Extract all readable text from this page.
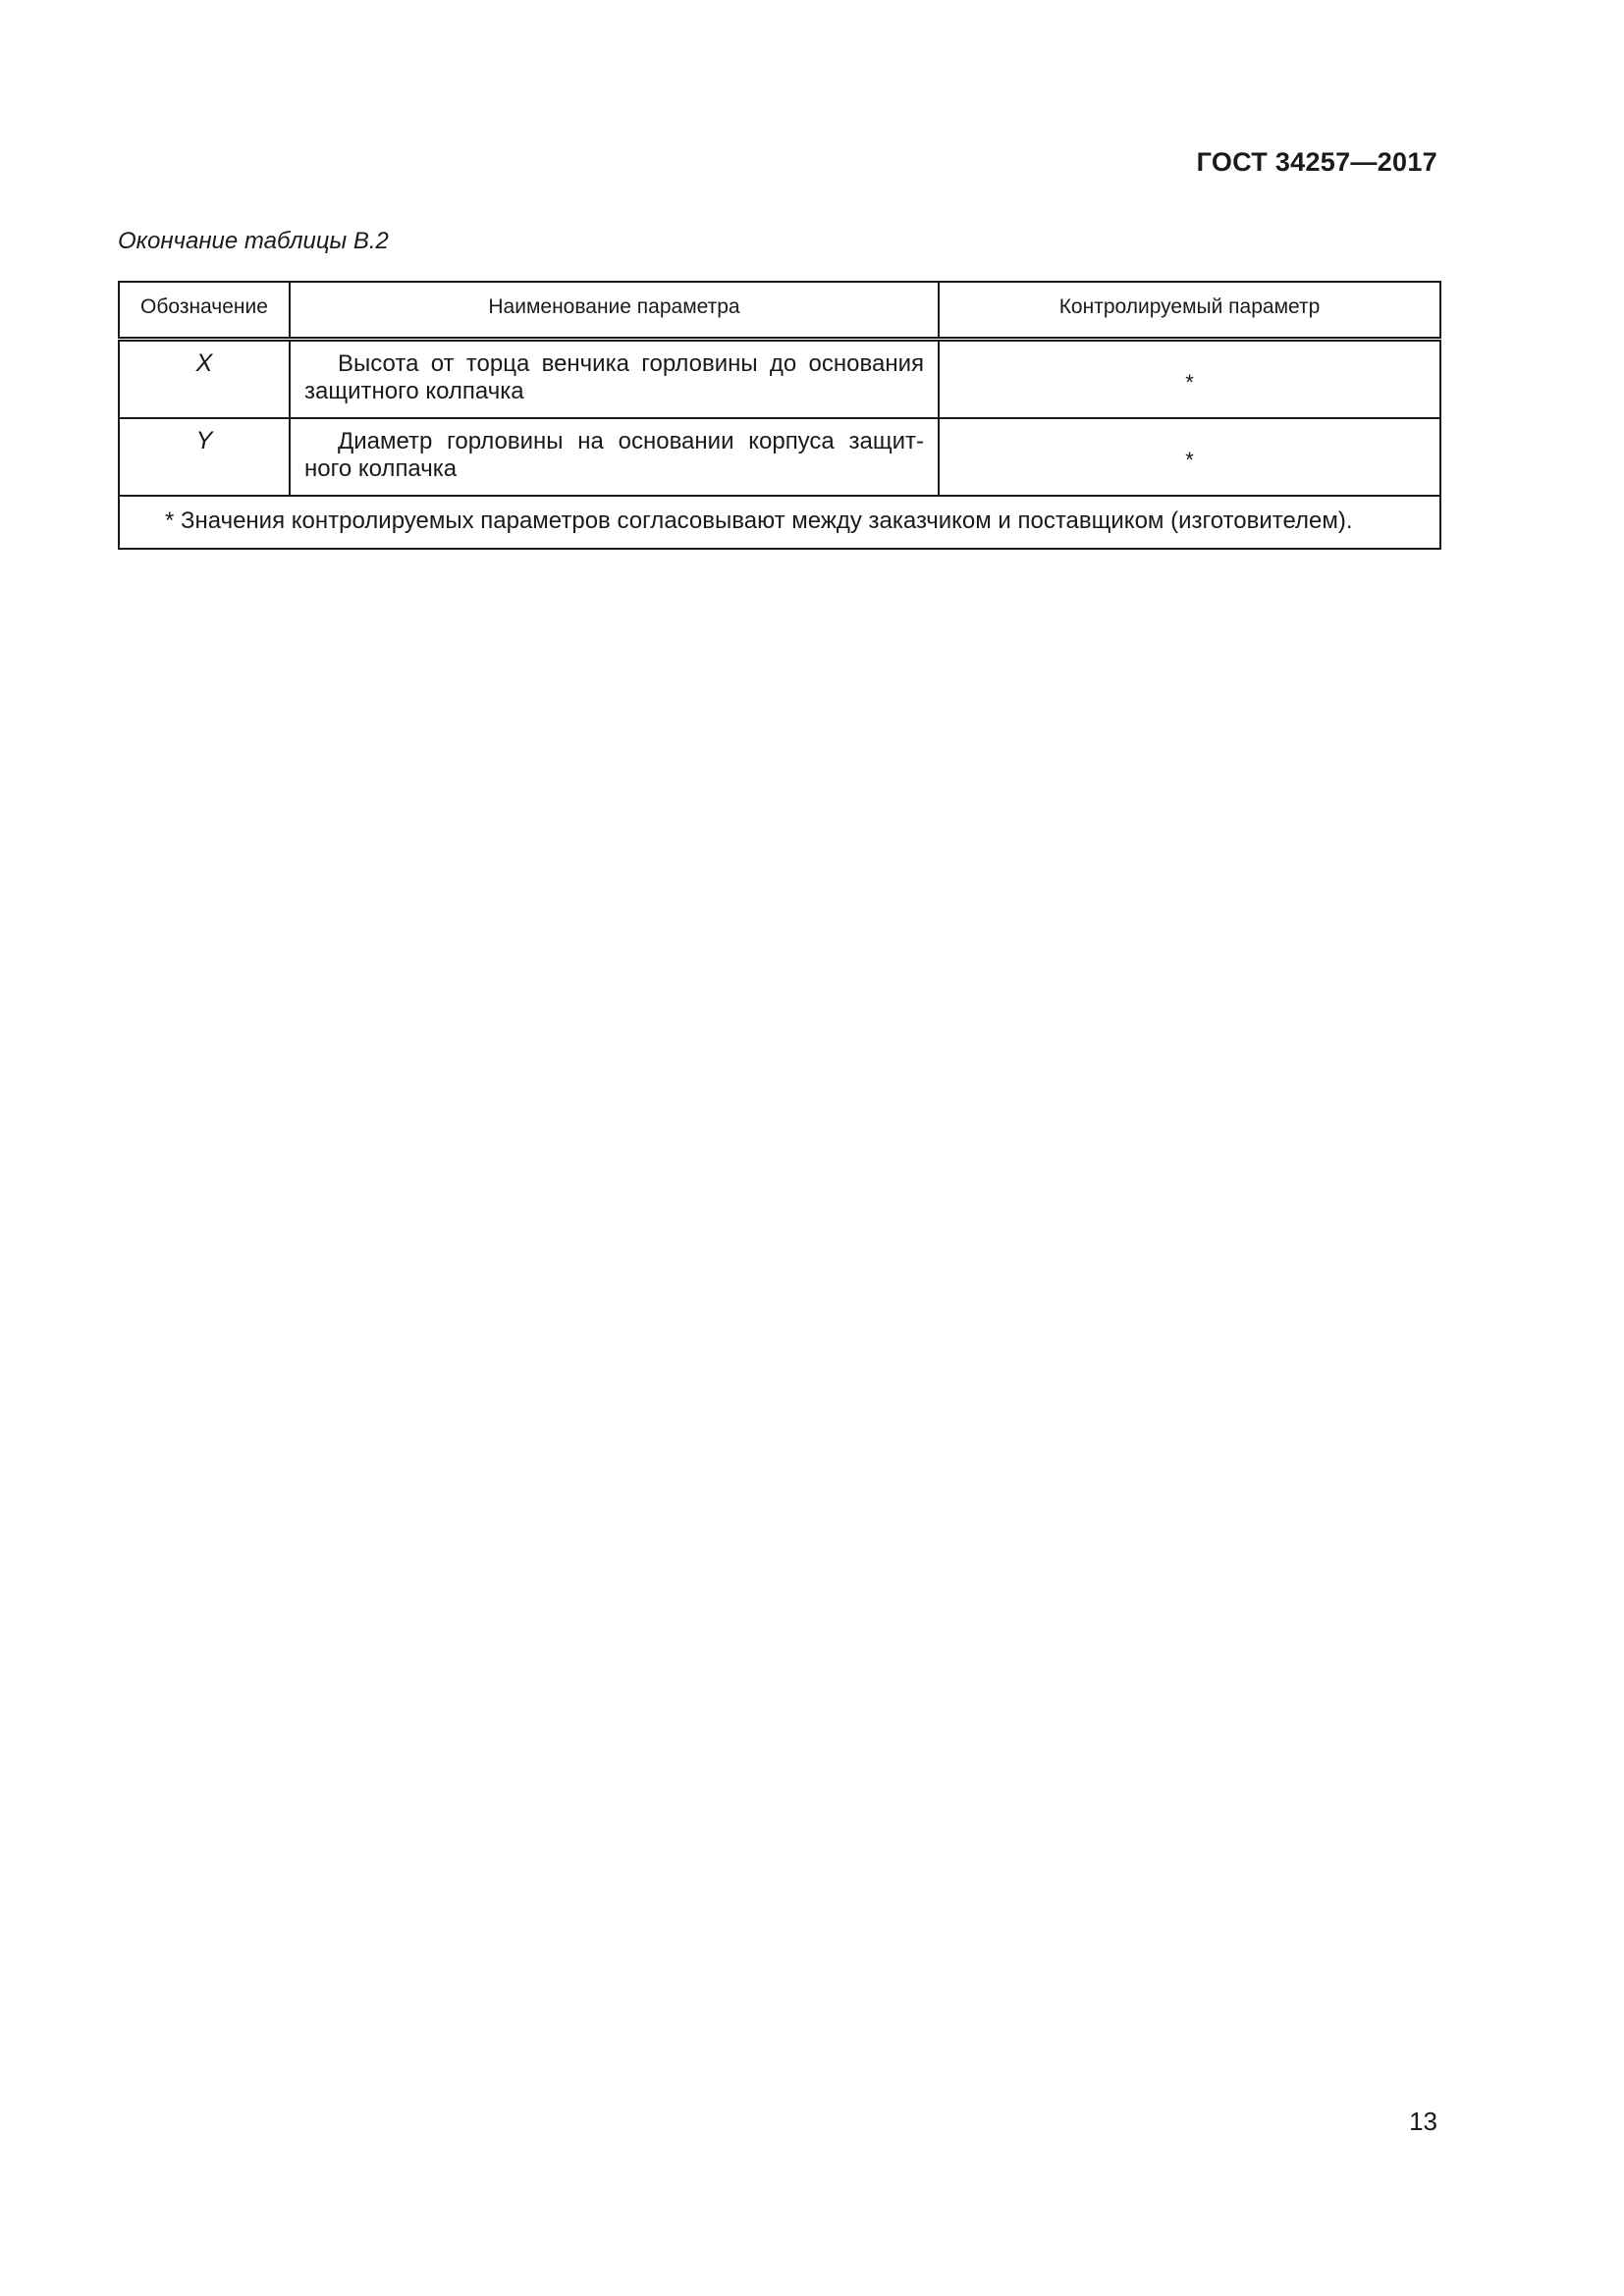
ГОСТ 34257—2017
Окончание таблицы В.2
Обозначение	Наименование параметра	Контролируемый параметр
X	Высота от торца венчика горловины до основания защитного колпачка	*
Y	Диаметр горловины на основании корпуса защит-ного колпачка	*
* Значения контролируемых параметров согласовывают между заказчиком и поставщиком (изготовителем).		
13
